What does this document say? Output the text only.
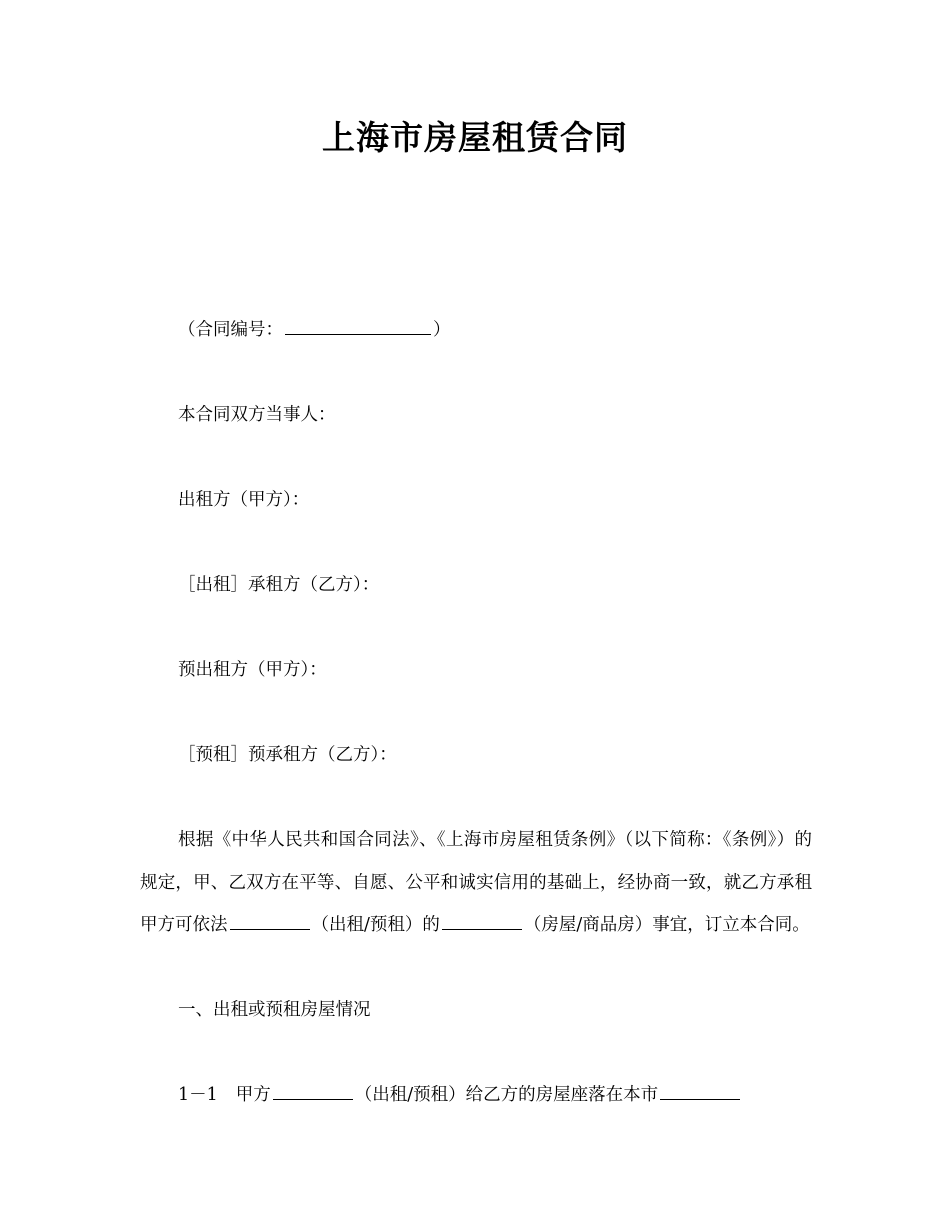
上海市房屋租赁合同
（合同编号：	）
本合同双方当事人：
出租方（甲方）：
［出租］承租方（乙方）：
预出租方（甲方）：
［预租］预承租方（乙方）：
根据《中华人民共和国合同法》、《上海市房屋租赁条例》（以下简称：《条例》）的
规定，甲、乙双方在平等、自愿、公平和诚实信用的基础上，经协商一致，就乙方承租
甲方可依法	（出租/预租）的	（房屋/商品房）事宜，订立本合同。
一、出租或预租房屋情况
1－1 甲方	（出租/预租）给乙方的房屋座落在本市
